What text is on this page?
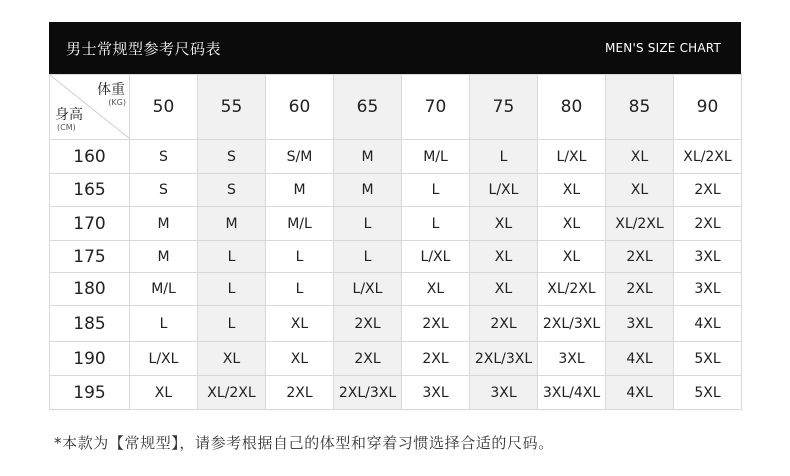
男士常规型参考尺码表	MEN'S SIZE CHART
体重
(KG)
身高
(CM)	50	55	60	65	70	75	80	85	90
160	S	S	S/M	M	M/L	L	L/XL	XL	XL/2XL
165	S	S	M	M	L	L/XL	XL	XL	2XL
170	M	M	M/L	L	L	XL	XL	XL/2XL	2XL
175	M	L	L	L	L/XL	XL	XL	2XL	3XL
180	M/L	L	L	L/XL	XL	XL	XL/2XL	2XL	3XL
185	L	L	XL	2XL	2XL	2XL	2XL/3XL	3XL	4XL
190	L/XL	XL	XL	2XL	2XL	2XL/3XL	3XL	4XL	5XL
195	XL	XL/2XL	2XL	2XL/3XL	3XL	3XL	3XL/4XL	4XL	5XL
*本款为【常规型】，请参考根据自己的体型和穿着习惯选择合适的尺码。
